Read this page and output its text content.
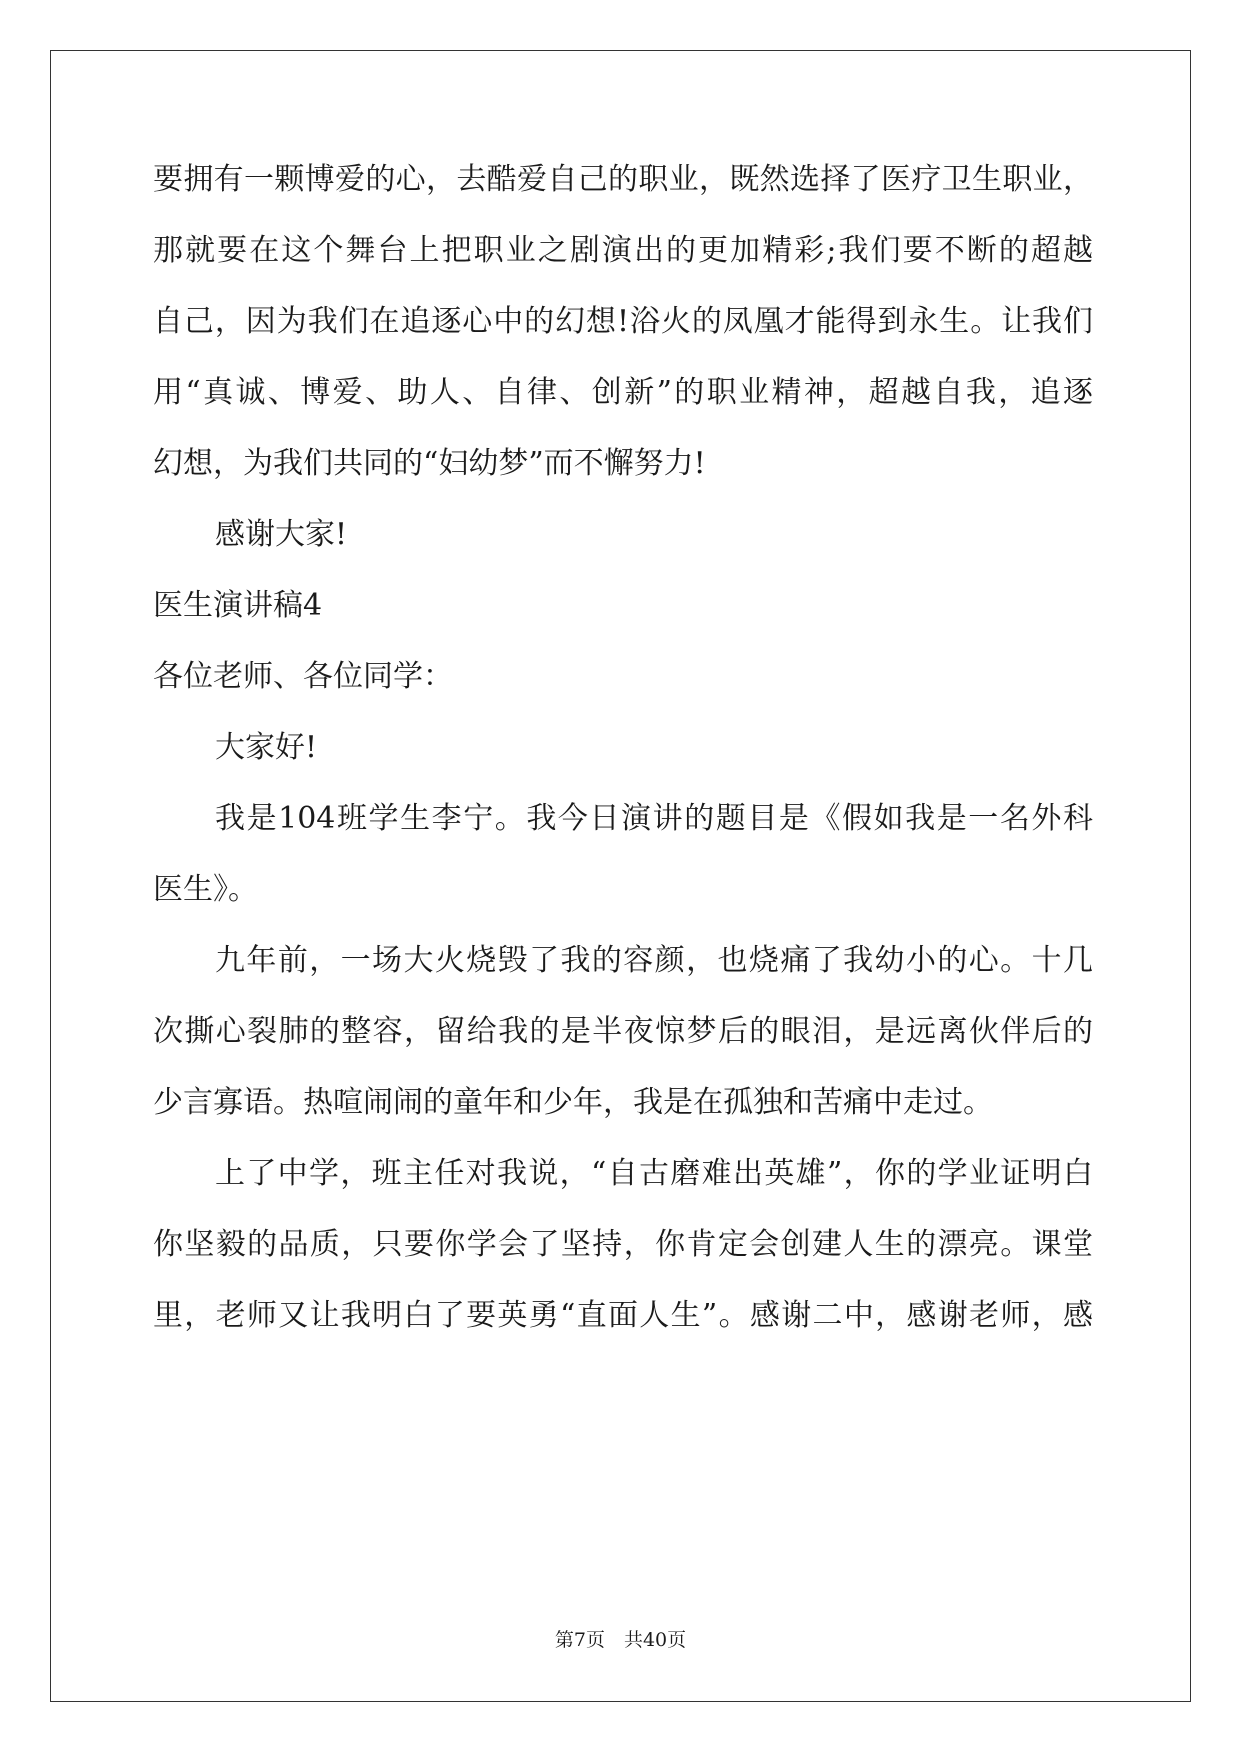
要拥有一颗博爱的心，去酷爱自己的职业，既然选择了医疗卫生职业，
那就要在这个舞台上把职业之剧演出的更加精彩;我们要不断的超越
自己，因为我们在追逐心中的幻想!浴火的凤凰才能得到永生。让我们
用“真诚、博爱、助人、自律、创新”的职业精神，超越自我，追逐
幻想，为我们共同的“妇幼梦”而不懈努力!
感谢大家!
医生演讲稿4
各位老师、各位同学：
大家好!
我是104班学生李宁。我今日演讲的题目是《假如我是一名外科
医生》。
九年前，一场大火烧毁了我的容颜，也烧痛了我幼小的心。十几
次撕心裂肺的整容，留给我的是半夜惊梦后的眼泪，是远离伙伴后的
少言寡语。热喧闹闹的童年和少年，我是在孤独和苦痛中走过。
上了中学，班主任对我说，“自古磨难出英雄”，你的学业证明白
你坚毅的品质，只要你学会了坚持，你肯定会创建人生的漂亮。课堂
里，老师又让我明白了要英勇“直面人生”。感谢二中，感谢老师，感
第7页　共40页
